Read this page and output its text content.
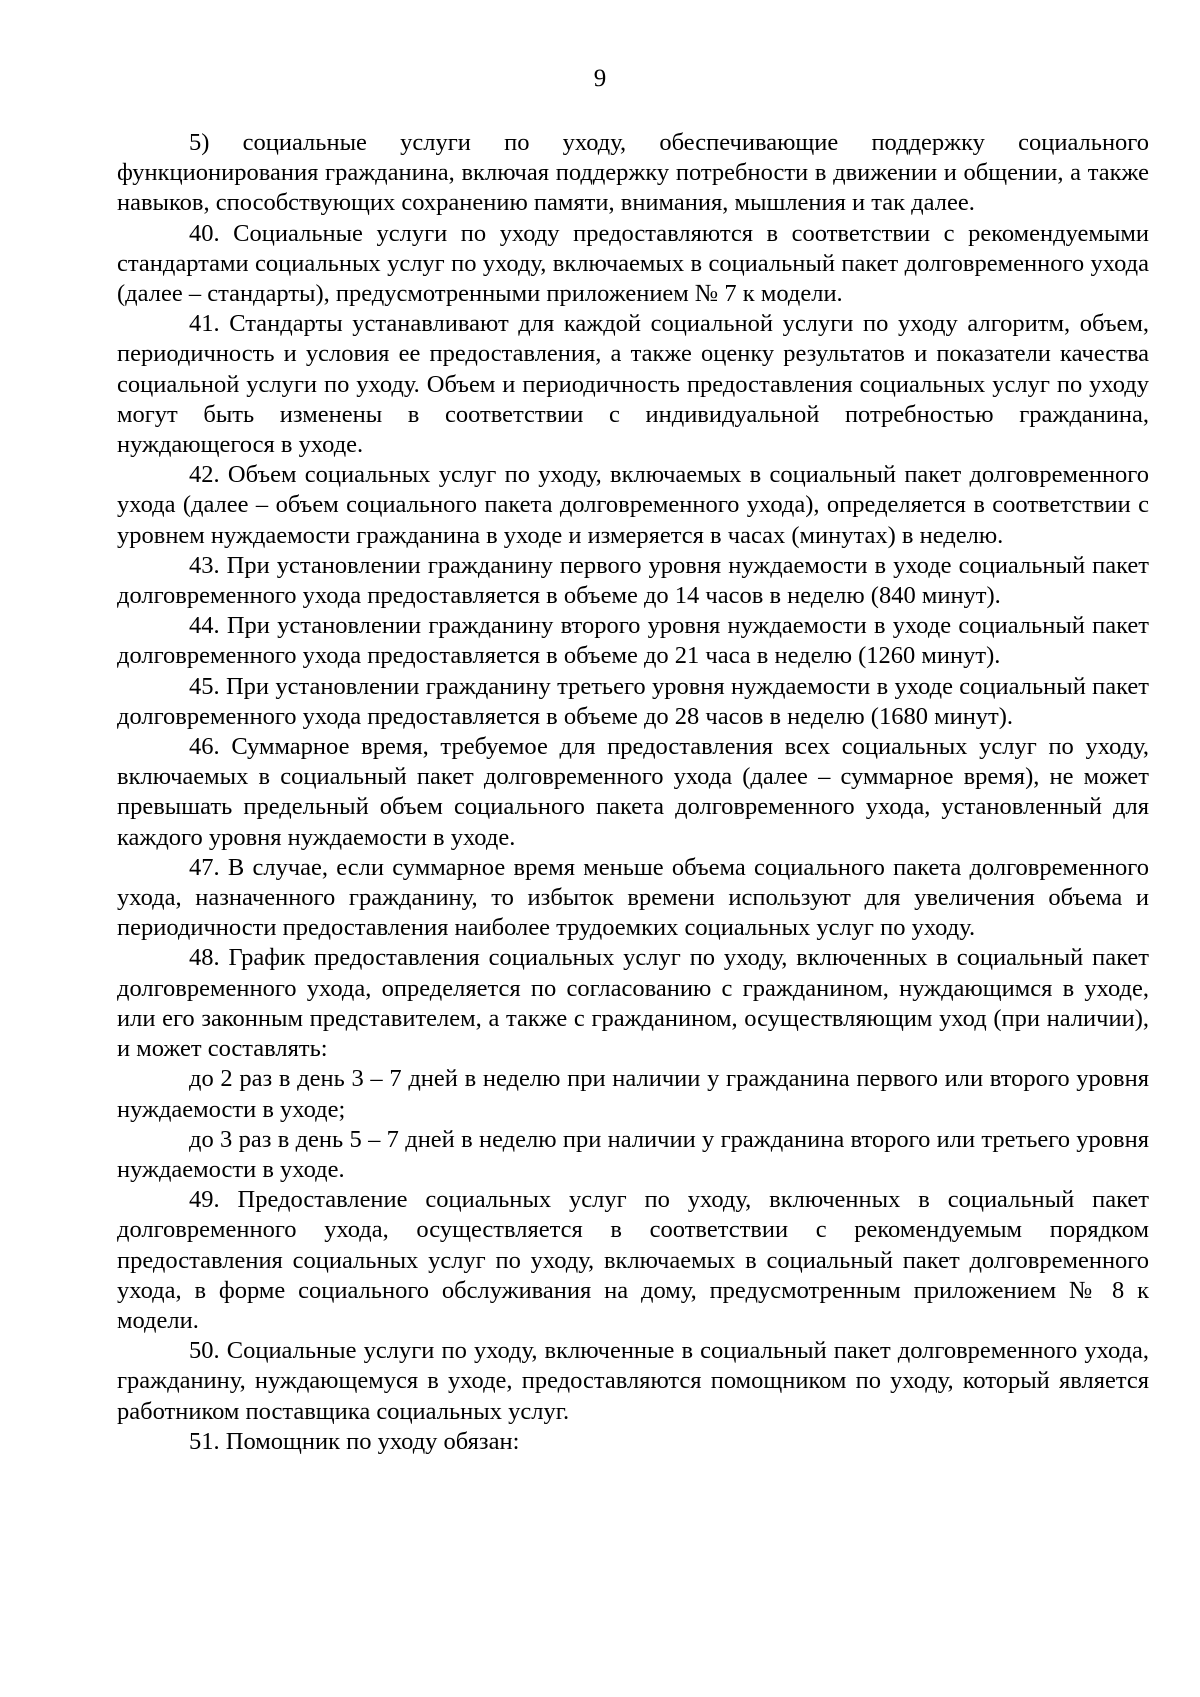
9

5) социальные услуги по уходу, обеспечивающие поддержку социального функционирования гражданина, включая поддержку потребности в движении и общении, а также навыков, способствующих сохранению памяти, внимания, мышления и так далее.

40. Социальные услуги по уходу предоставляются в соответствии с рекомендуемыми стандартами социальных услуг по уходу, включаемых в социальный пакет долговременного ухода (далее – стандарты), предусмотренными приложением № 7 к модели.

41. Стандарты устанавливают для каждой социальной услуги по уходу алгоритм, объем, периодичность и условия ее предоставления, а также оценку результатов и показатели качества социальной услуги по уходу. Объем и периодичность предоставления социальных услуг по уходу могут быть изменены в соответствии с индивидуальной потребностью гражданина, нуждающегося в уходе.

42. Объем социальных услуг по уходу, включаемых в социальный пакет долговременного ухода (далее – объем социального пакета долговременного ухода), определяется в соответствии с уровнем нуждаемости гражданина в уходе и измеряется в часах (минутах) в неделю.

43. При установлении гражданину первого уровня нуждаемости в уходе социальный пакет долговременного ухода предоставляется в объеме до 14 часов в неделю (840 минут).

44. При установлении гражданину второго уровня нуждаемости в уходе социальный пакет долговременного ухода предоставляется в объеме до 21 часа в неделю (1260 минут).

45. При установлении гражданину третьего уровня нуждаемости в уходе социальный пакет долговременного ухода предоставляется в объеме до 28 часов в неделю (1680 минут).

46. Суммарное время, требуемое для предоставления всех социальных услуг по уходу, включаемых в социальный пакет долговременного ухода (далее – суммарное время), не может превышать предельный объем социального пакета долговременного ухода, установленный для каждого уровня нуждаемости в уходе.

47. В случае, если суммарное время меньше объема социального пакета долговременного ухода, назначенного гражданину, то избыток времени используют для увеличения объема и периодичности предоставления наиболее трудоемких социальных услуг по уходу.

48. График предоставления социальных услуг по уходу, включенных в социальный пакет долговременного ухода, определяется по согласованию с гражданином, нуждающимся в уходе, или его законным представителем, а также с гражданином, осуществляющим уход (при наличии), и может составлять:

до 2 раз в день 3 – 7 дней в неделю при наличии у гражданина первого или второго уровня нуждаемости в уходе;

до 3 раз в день 5 – 7 дней в неделю при наличии у гражданина второго или третьего уровня нуждаемости в уходе.

49. Предоставление социальных услуг по уходу, включенных в социальный пакет долговременного ухода, осуществляется в соответствии с рекомендуемым порядком предоставления социальных услуг по уходу, включаемых в социальный пакет долговременного ухода, в форме социального обслуживания на дому, предусмотренным приложением № 8 к модели.

50. Социальные услуги по уходу, включенные в социальный пакет долговременного ухода, гражданину, нуждающемуся в уходе, предоставляются помощником по уходу, который является работником поставщика социальных услуг.

51. Помощник по уходу обязан:
